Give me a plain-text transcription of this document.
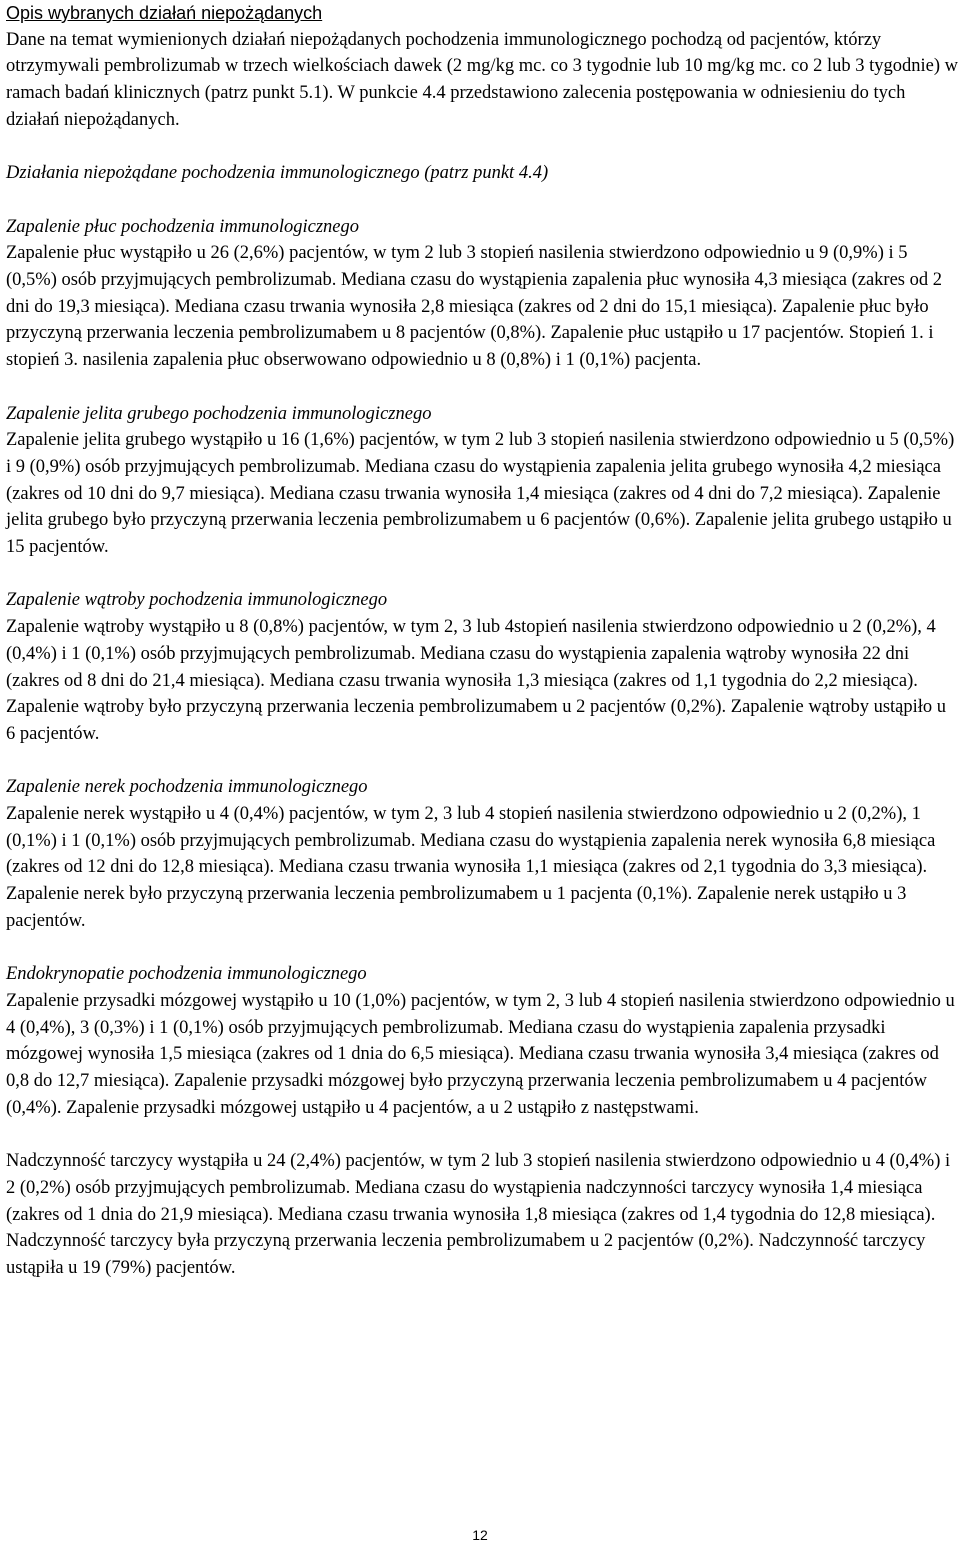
Opis wybranych działań niepożądanych

Dane na temat wymienionych działań niepożądanych pochodzenia immunologicznego pochodzą od pacjentów, którzy otrzymywali pembrolizumab w trzech wielkościach dawek (2 mg/kg mc. co 3 tygodnie lub 10 mg/kg mc. co 2 lub 3 tygodnie) w ramach badań klinicznych (patrz punkt 5.1). W punkcie 4.4 przedstawiono zalecenia postępowania w odniesieniu do tych działań niepożądanych.

Działania niepożądane pochodzenia immunologicznego (patrz punkt 4.4)

Zapalenie płuc pochodzenia immunologicznego

Zapalenie płuc wystąpiło u 26 (2,6%) pacjentów, w tym 2 lub 3 stopień nasilenia stwierdzono odpowiednio u 9 (0,9%) i 5 (0,5%) osób przyjmujących pembrolizumab. Mediana czasu do wystąpienia zapalenia płuc wynosiła 4,3 miesiąca (zakres od 2 dni do 19,3 miesiąca). Mediana czasu trwania wynosiła 2,8 miesiąca (zakres od 2 dni do 15,1 miesiąca). Zapalenie płuc było przyczyną przerwania leczenia pembrolizumabem u 8 pacjentów (0,8%). Zapalenie płuc ustąpiło u 17 pacjentów. Stopień 1. i stopień 3. nasilenia zapalenia płuc obserwowano odpowiednio u 8 (0,8%) i 1 (0,1%) pacjenta.

Zapalenie jelita grubego pochodzenia immunologicznego

Zapalenie jelita grubego wystąpiło u 16 (1,6%) pacjentów, w tym 2 lub 3 stopień nasilenia stwierdzono odpowiednio u 5 (0,5%) i 9 (0,9%) osób przyjmujących pembrolizumab. Mediana czasu do wystąpienia zapalenia jelita grubego wynosiła 4,2 miesiąca (zakres od 10 dni do 9,7 miesiąca). Mediana czasu trwania wynosiła 1,4 miesiąca (zakres od 4 dni do 7,2 miesiąca). Zapalenie jelita grubego było przyczyną przerwania leczenia pembrolizumabem u 6 pacjentów (0,6%). Zapalenie jelita grubego ustąpiło u 15 pacjentów.

Zapalenie wątroby pochodzenia immunologicznego

Zapalenie wątroby wystąpiło u 8 (0,8%) pacjentów, w tym 2, 3 lub 4stopień nasilenia stwierdzono odpowiednio u 2 (0,2%), 4 (0,4%) i 1 (0,1%) osób przyjmujących pembrolizumab. Mediana czasu do wystąpienia zapalenia wątroby wynosiła 22 dni (zakres od 8 dni do 21,4 miesiąca). Mediana czasu trwania wynosiła 1,3 miesiąca (zakres od 1,1 tygodnia do 2,2 miesiąca). Zapalenie wątroby było przyczyną przerwania leczenia pembrolizumabem u 2 pacjentów (0,2%). Zapalenie wątroby ustąpiło u 6 pacjentów.

Zapalenie nerek pochodzenia immunologicznego

Zapalenie nerek wystąpiło u 4 (0,4%) pacjentów, w tym 2, 3 lub 4 stopień nasilenia stwierdzono odpowiednio u 2 (0,2%), 1 (0,1%) i 1 (0,1%) osób przyjmujących pembrolizumab. Mediana czasu do wystąpienia zapalenia nerek wynosiła 6,8 miesiąca (zakres od 12 dni do 12,8 miesiąca). Mediana czasu trwania wynosiła 1,1 miesiąca (zakres od 2,1 tygodnia do 3,3 miesiąca). Zapalenie nerek było przyczyną przerwania leczenia pembrolizumabem u 1 pacjenta (0,1%). Zapalenie nerek ustąpiło u 3 pacjentów.

Endokrynopatie pochodzenia immunologicznego

Zapalenie przysadki mózgowej wystąpiło u 10 (1,0%) pacjentów, w tym 2, 3 lub 4 stopień nasilenia stwierdzono odpowiednio u 4 (0,4%), 3 (0,3%) i 1 (0,1%) osób przyjmujących pembrolizumab. Mediana czasu do wystąpienia zapalenia przysadki mózgowej wynosiła 1,5 miesiąca (zakres od 1 dnia do 6,5 miesiąca). Mediana czasu trwania wynosiła 3,4 miesiąca (zakres od 0,8 do 12,7 miesiąca). Zapalenie przysadki mózgowej było przyczyną przerwania leczenia pembrolizumabem u 4 pacjentów (0,4%). Zapalenie przysadki mózgowej ustąpiło u 4 pacjentów, a u 2 ustąpiło z następstwami.

Nadczynność tarczycy wystąpiła u 24 (2,4%) pacjentów, w tym 2 lub 3 stopień nasilenia stwierdzono odpowiednio u 4 (0,4%) i 2 (0,2%) osób przyjmujących pembrolizumab. Mediana czasu do wystąpienia nadczynności tarczycy wynosiła 1,4 miesiąca (zakres od 1 dnia do 21,9 miesiąca). Mediana czasu trwania wynosiła 1,8 miesiąca (zakres od 1,4 tygodnia do 12,8 miesiąca). Nadczynność tarczycy była przyczyną przerwania leczenia pembrolizumabem u 2 pacjentów (0,2%). Nadczynność tarczycy ustąpiła u 19 (79%) pacjentów.

12
